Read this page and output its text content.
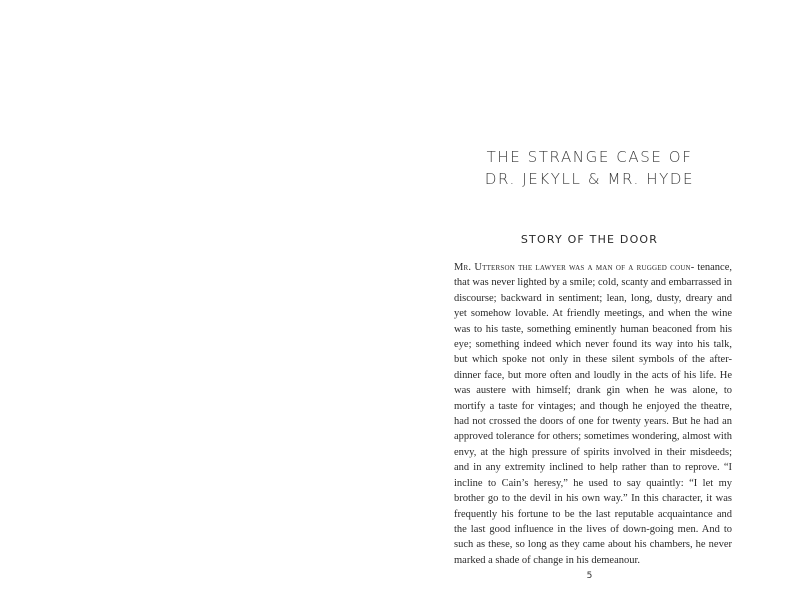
THE STRANGE CASE OF
DR. JEKYLL & MR. HYDE
STORY OF THE DOOR
Mr. Utterson the lawyer was a man of a rugged coun- tenance, that was never lighted by a smile; cold, scanty and embarrassed in discourse; backward in sentiment; lean, long, dusty, dreary and yet somehow lovable. At friendly meetings, and when the wine was to his taste, something eminently human beaconed from his eye; something indeed which never found its way into his talk, but which spoke not only in these silent symbols of the after-dinner face, but more often and loudly in the acts of his life. He was austere with himself; drank gin when he was alone, to mortify a taste for vintages; and though he enjoyed the theatre, had not crossed the doors of one for twenty years. But he had an approved tolerance for others; sometimes wondering, almost with envy, at the high pressure of spirits involved in their misdeeds; and in any extremity inclined to help rather than to reprove. “I incline to Cain’s heresy,” he used to say quaintly: “I let my brother go to the devil in his own way.” In this character, it was frequently his fortune to be the last reputable acquaintance and the last good influence in the lives of down-going men. And to such as these, so long as they came about his chambers, he never marked a shade of change in his demeanour.
5
